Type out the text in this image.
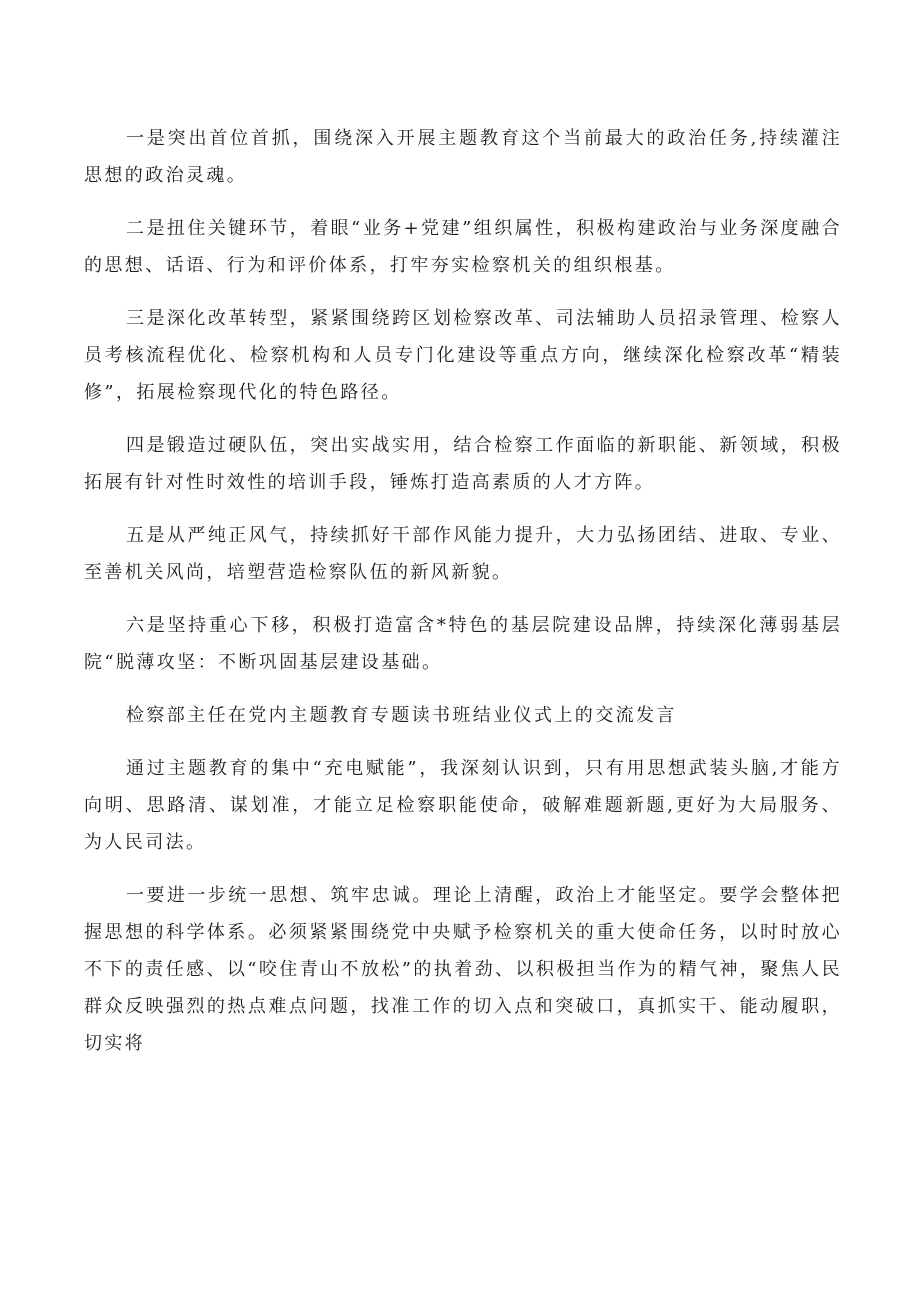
一是突出首位首抓，围绕深入开展主题教育这个当前最大的政治任务,持续灌注思想的政治灵魂。

二是扭住关键环节，着眼“业务+党建”组织属性，积极构建政治与业务深度融合的思想、话语、行为和评价体系，打牢夯实检察机关的组织根基。

三是深化改革转型，紧紧围绕跨区划检察改革、司法辅助人员招录管理、检察人员考核流程优化、检察机构和人员专门化建设等重点方向，继续深化检察改革“精装修”，拓展检察现代化的特色路径。

四是锻造过硬队伍，突出实战实用，结合检察工作面临的新职能、新领域，积极拓展有针对性时效性的培训手段，锤炼打造高素质的人才方阵。

五是从严纯正风气，持续抓好干部作风能力提升，大力弘扬团结、进取、专业、至善机关风尚，培塑营造检察队伍的新风新貌。

六是坚持重心下移，积极打造富含*特色的基层院建设品牌，持续深化薄弱基层院“脱薄攻坚：不断巩固基层建设基础。

检察部主任在党内主题教育专题读书班结业仪式上的交流发言

通过主题教育的集中“充电赋能”，我深刻认识到，只有用思想武装头脑,才能方向明、思路清、谋划准，才能立足检察职能使命，破解难题新题,更好为大局服务、为人民司法。

一要进一步统一思想、筑牢忠诚。理论上清醒，政治上才能坚定。要学会整体把握思想的科学体系。必须紧紧围绕党中央赋予检察机关的重大使命任务，以时时放心不下的责任感、以“咬住青山不放松”的执着劲、以积极担当作为的精气神，聚焦人民群众反映强烈的热点难点问题，找准工作的切入点和突破口，真抓实干、能动履职，切实将
